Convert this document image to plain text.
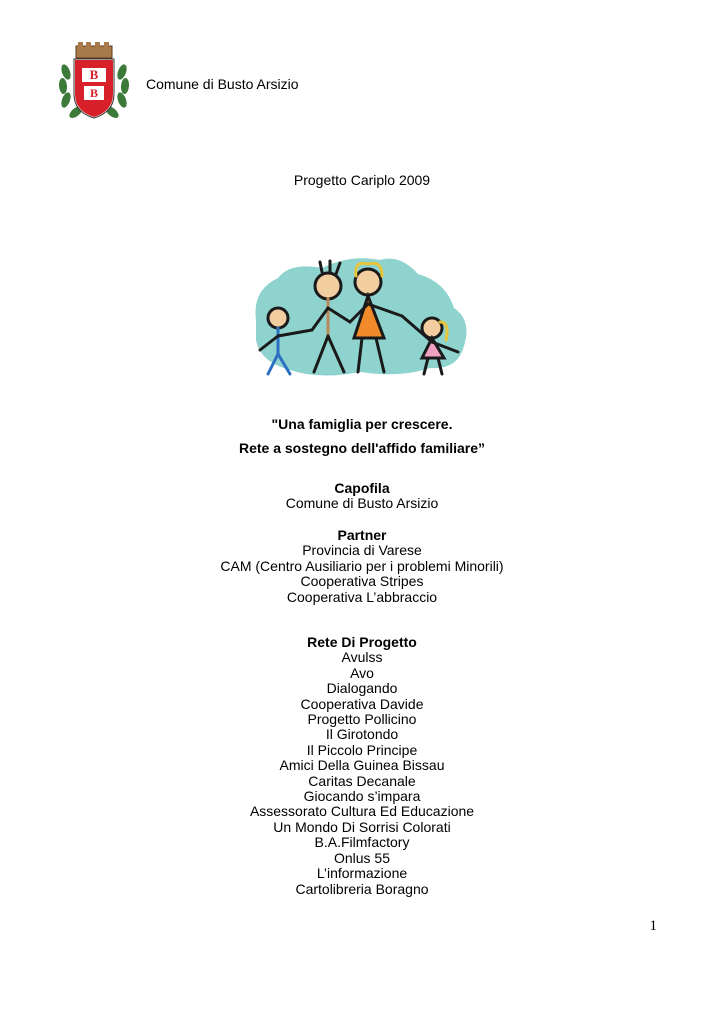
B
B
Comune di Busto Arsizio
Progetto Cariplo 2009
"Una famiglia per crescere.
Rete a sostegno dell'affido familiare”
Capofila
Comune di Busto Arsizio
Partner
Provincia di Varese
CAM (Centro Ausiliario per i problemi Minorili)
Cooperativa Stripes
Cooperativa L’abbraccio
Rete Di Progetto
Avulss
Avo
Dialogando
Cooperativa Davide
Progetto Pollicino
Il Girotondo
Il Piccolo Principe
Amici Della Guinea Bissau
Caritas Decanale
Giocando s’impara
Assessorato Cultura Ed Educazione
Un Mondo Di Sorrisi Colorati
B.A.Filmfactory
Onlus 55
L’informazione
Cartolibreria Boragno
1
